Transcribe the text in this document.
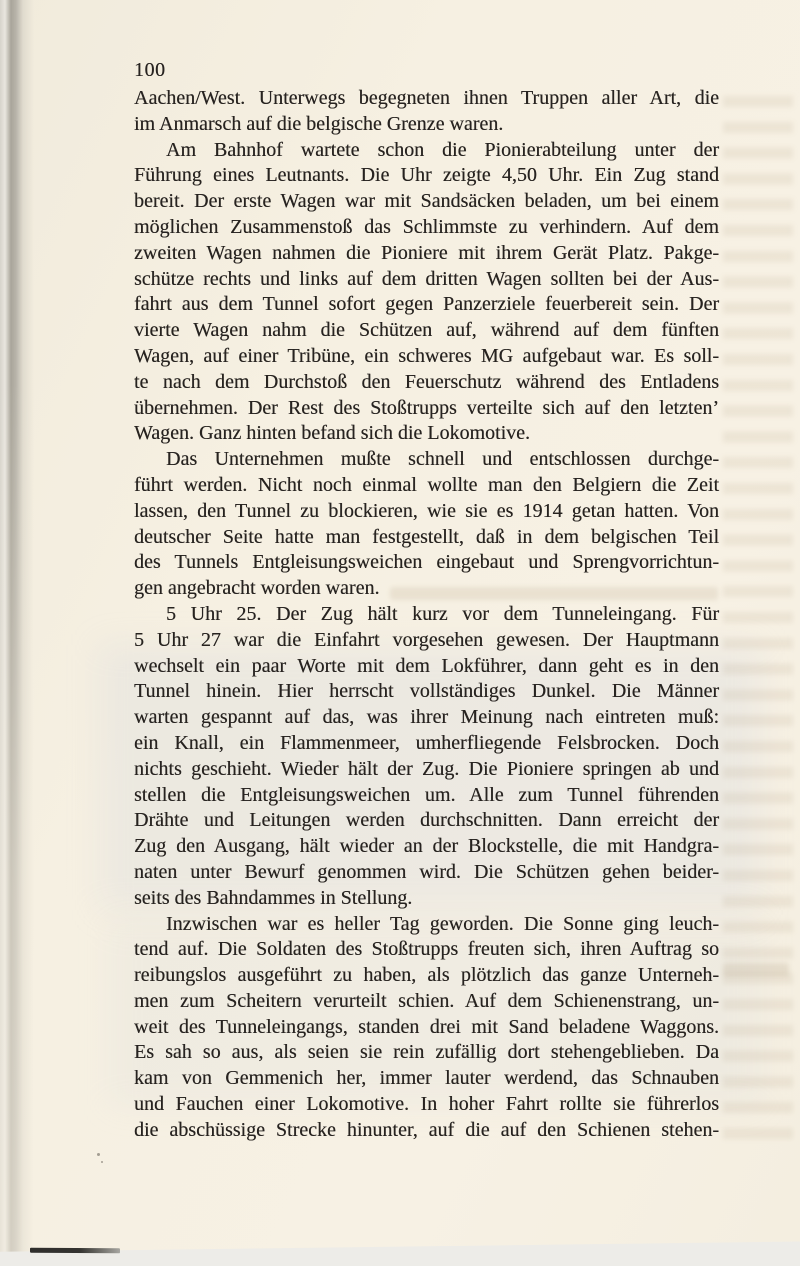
100
Aachen/West. Unterwegs begegneten ihnen Truppen aller Art, die
im Anmarsch auf die belgische Grenze waren.
Am Bahnhof wartete schon die Pionierabteilung unter der
Führung eines Leutnants. Die Uhr zeigte 4,50 Uhr. Ein Zug stand
bereit. Der erste Wagen war mit Sandsäcken beladen, um bei einem
möglichen Zusammenstoß das Schlimmste zu verhindern. Auf dem
zweiten Wagen nahmen die Pioniere mit ihrem Gerät Platz. Pakge-
schütze rechts und links auf dem dritten Wagen sollten bei der Aus-
fahrt aus dem Tunnel sofort gegen Panzerziele feuerbereit sein. Der
vierte Wagen nahm die Schützen auf, während auf dem fünften
Wagen, auf einer Tribüne, ein schweres MG aufgebaut war. Es soll-
te nach dem Durchstoß den Feuerschutz während des Entladens
übernehmen. Der Rest des Stoßtrupps verteilte sich auf den letzten’
Wagen. Ganz hinten befand sich die Lokomotive.
Das Unternehmen mußte schnell und entschlossen durchge-
führt werden. Nicht noch einmal wollte man den Belgiern die Zeit
lassen, den Tunnel zu blockieren, wie sie es 1914 getan hatten. Von
deutscher Seite hatte man festgestellt, daß in dem belgischen Teil
des Tunnels Entgleisungsweichen eingebaut und Sprengvorrichtun-
gen angebracht worden waren.
5 Uhr 25. Der Zug hält kurz vor dem Tunneleingang. Für
5 Uhr 27 war die Einfahrt vorgesehen gewesen. Der Hauptmann
wechselt ein paar Worte mit dem Lokführer, dann geht es in den
Tunnel hinein. Hier herrscht vollständiges Dunkel. Die Männer
warten gespannt auf das, was ihrer Meinung nach eintreten muß:
ein Knall, ein Flammenmeer, umherfliegende Felsbrocken. Doch
nichts geschieht. Wieder hält der Zug. Die Pioniere springen ab und
stellen die Entgleisungsweichen um. Alle zum Tunnel führenden
Drähte und Leitungen werden durchschnitten. Dann erreicht der
Zug den Ausgang, hält wieder an der Blockstelle, die mit Handgra-
naten unter Bewurf genommen wird. Die Schützen gehen beider-
seits des Bahndammes in Stellung.
Inzwischen war es heller Tag geworden. Die Sonne ging leuch-
tend auf. Die Soldaten des Stoßtrupps freuten sich, ihren Auftrag so
reibungslos ausgeführt zu haben, als plötzlich das ganze Unterneh-
men zum Scheitern verurteilt schien. Auf dem Schienenstrang, un-
weit des Tunneleingangs, standen drei mit Sand beladene Waggons.
Es sah so aus, als seien sie rein zufällig dort stehengeblieben. Da
kam von Gemmenich her, immer lauter werdend, das Schnauben
und Fauchen einer Lokomotive. In hoher Fahrt rollte sie führerlos
die abschüssige Strecke hinunter, auf die auf den Schienen stehen-
